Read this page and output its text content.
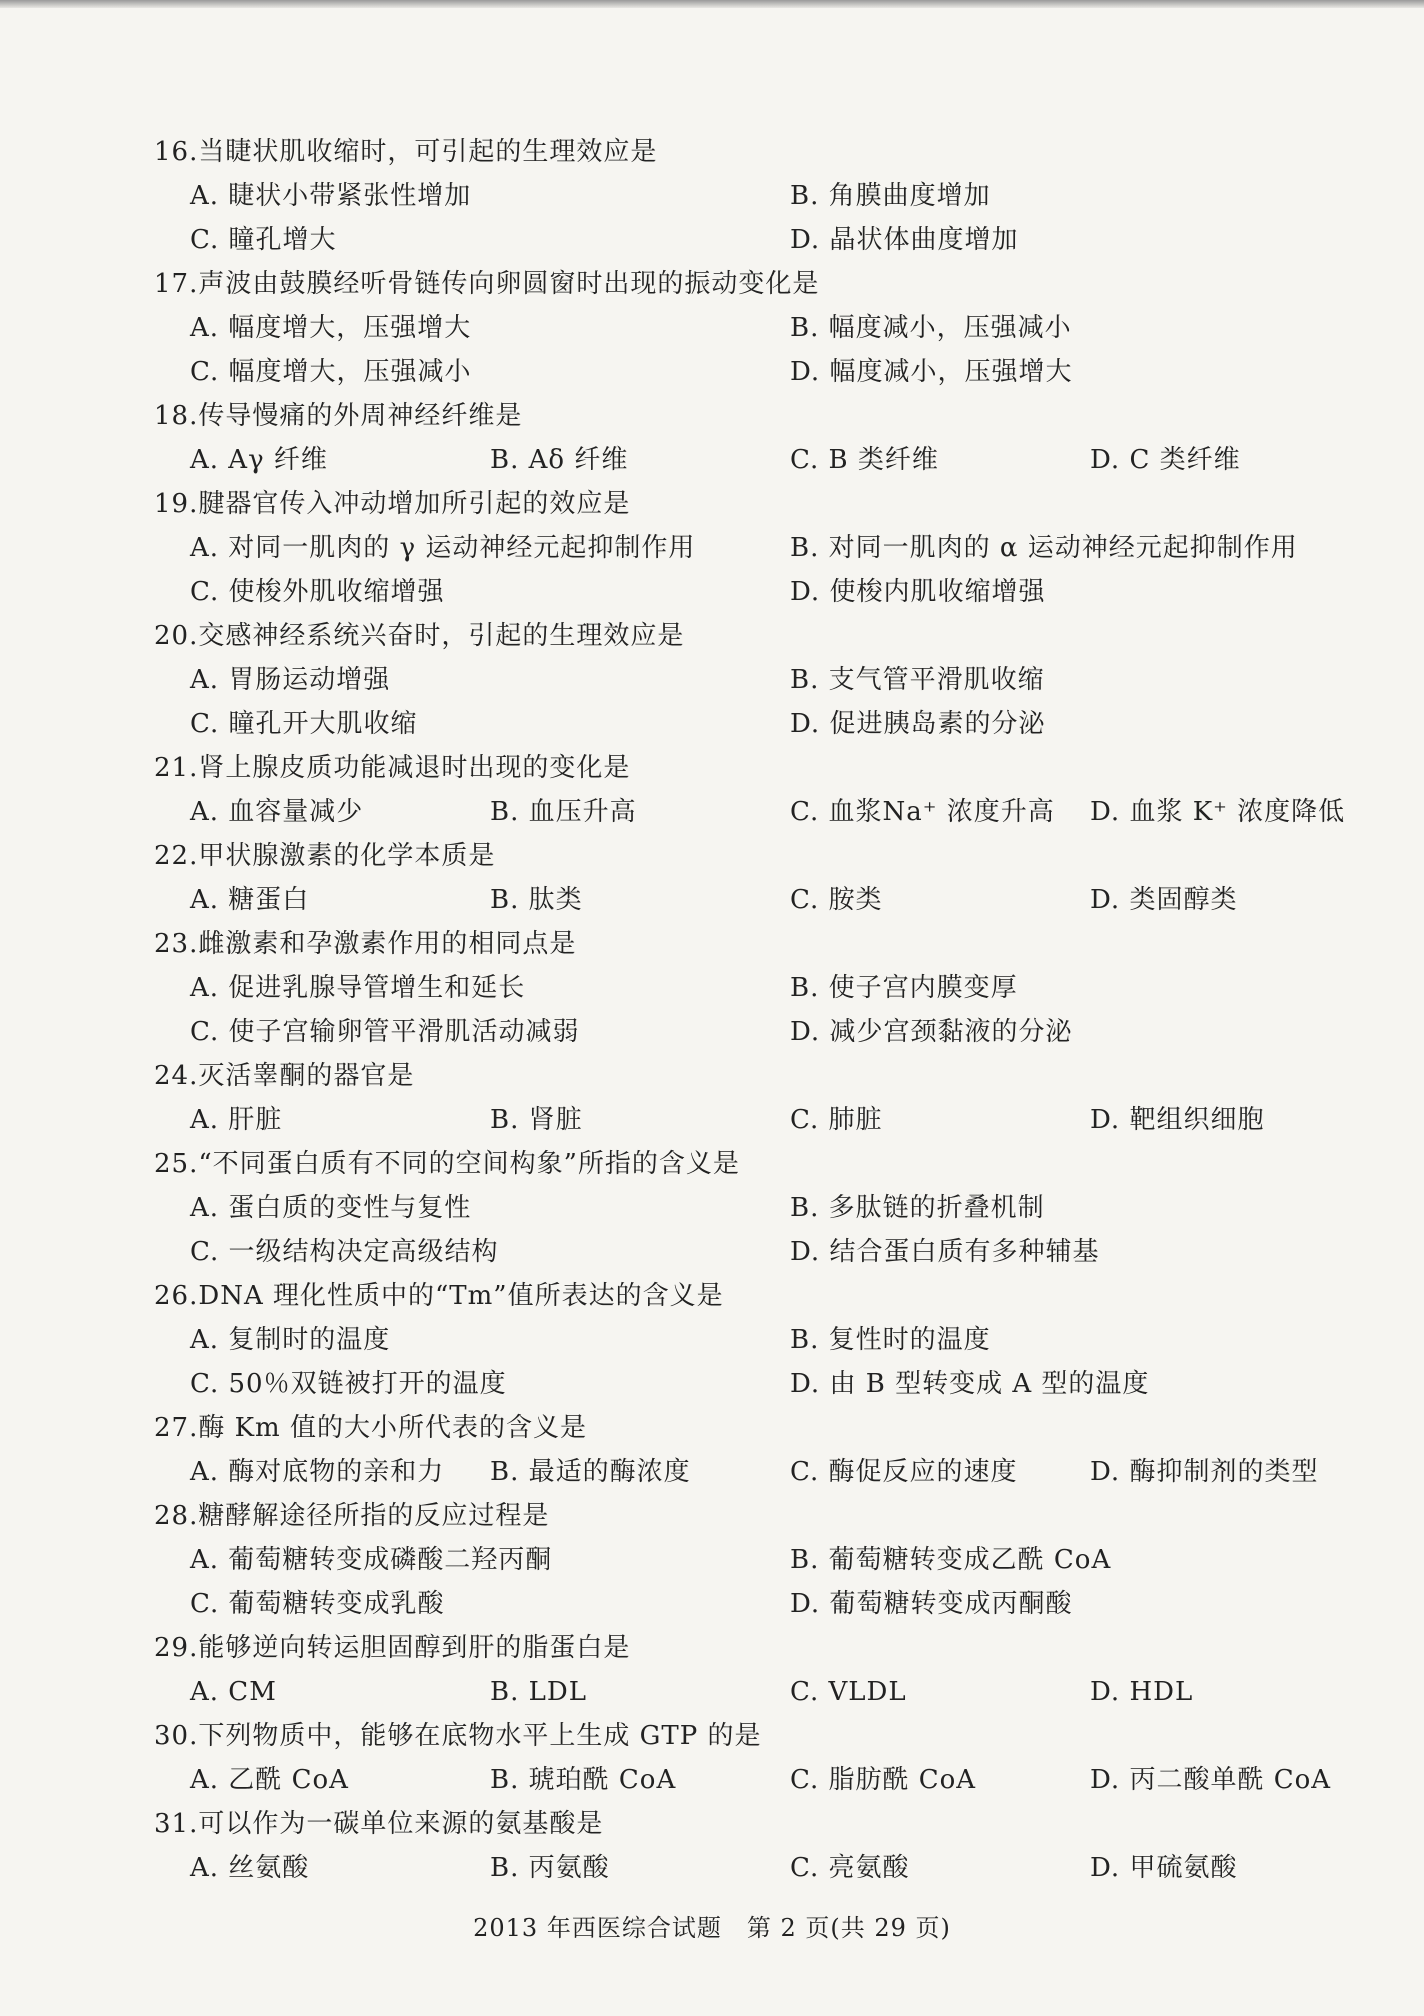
16.当睫状肌收缩时，可引起的生理效应是
A. 睫状小带紧张性增加	B. 角膜曲度增加
C. 瞳孔增大	D. 晶状体曲度增加
17.声波由鼓膜经听骨链传向卵圆窗时出现的振动变化是
A. 幅度增大，压强增大	B. 幅度减小，压强减小
C. 幅度增大，压强减小	D. 幅度减小，压强增大
18.传导慢痛的外周神经纤维是
A. Aγ 纤维	B. Aδ 纤维	C. B 类纤维	D. C 类纤维
19.腱器官传入冲动增加所引起的效应是
A. 对同一肌肉的 γ 运动神经元起抑制作用	B. 对同一肌肉的 α 运动神经元起抑制作用
C. 使梭外肌收缩增强	D. 使梭内肌收缩增强
20.交感神经系统兴奋时，引起的生理效应是
A. 胃肠运动增强	B. 支气管平滑肌收缩
C. 瞳孔开大肌收缩	D. 促进胰岛素的分泌
21.肾上腺皮质功能减退时出现的变化是
A. 血容量减少	B. 血压升高	C. 血浆Na⁺ 浓度升高 D. 血浆 K⁺ 浓度降低
22.甲状腺激素的化学本质是
A. 糖蛋白	B. 肽类	C. 胺类	D. 类固醇类
23.雌激素和孕激素作用的相同点是
A. 促进乳腺导管增生和延长	B. 使子宫内膜变厚
C. 使子宫输卵管平滑肌活动减弱	D. 减少宫颈黏液的分泌
24.灭活睾酮的器官是
A. 肝脏	B. 肾脏	C. 肺脏	D. 靶组织细胞
25.“不同蛋白质有不同的空间构象”所指的含义是
A. 蛋白质的变性与复性	B. 多肽链的折叠机制
C. 一级结构决定高级结构	D. 结合蛋白质有多种辅基
26.DNA 理化性质中的“Tm”值所表达的含义是
A. 复制时的温度	B. 复性时的温度
C. 50％双链被打开的温度	D. 由 B 型转变成 A 型的温度
27.酶 Km 值的大小所代表的含义是
A. 酶对底物的亲和力 B. 最适的酶浓度	C. 酶促反应的速度	D. 酶抑制剂的类型
28.糖酵解途径所指的反应过程是
A. 葡萄糖转变成磷酸二羟丙酮	B. 葡萄糖转变成乙酰 CoA
C. 葡萄糖转变成乳酸	D. 葡萄糖转变成丙酮酸
29.能够逆向转运胆固醇到肝的脂蛋白是
A. CM	B. LDL	C. VLDL	D. HDL
30.下列物质中，能够在底物水平上生成 GTP 的是
A. 乙酰 CoA	B. 琥珀酰 CoA	C. 脂肪酰 CoA	D. 丙二酸单酰 CoA
31.可以作为一碳单位来源的氨基酸是
A. 丝氨酸	B. 丙氨酸	C. 亮氨酸	D. 甲硫氨酸
2013 年西医综合试题　第 2 页(共 29 页)
